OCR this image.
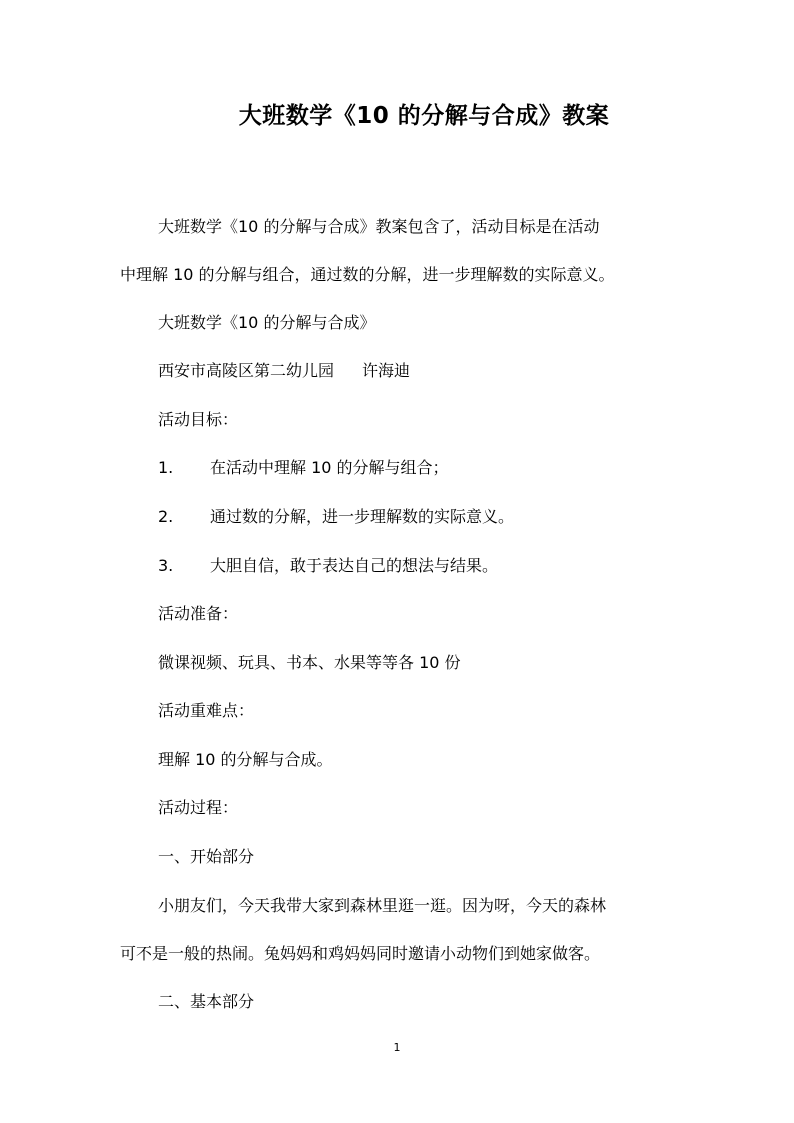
大班数学《10 的分解与合成》教案
大班数学《10 的分解与合成》教案包含了，活动目标是在活动
中理解 10 的分解与组合，通过数的分解，进一步理解数的实际意义。
大班数学《10 的分解与合成》
西安市高陵区第二幼儿园 许海迪
活动目标：
1. 在活动中理解 10 的分解与组合；
2. 通过数的分解，进一步理解数的实际意义。
3. 大胆自信，敢于表达自己的想法与结果。
活动准备：
微课视频、玩具、书本、水果等等各 10 份
活动重难点：
理解 10 的分解与合成。
活动过程：
一、开始部分
小朋友们，今天我带大家到森林里逛一逛。因为呀，今天的森林
可不是一般的热闹。兔妈妈和鸡妈妈同时邀请小动物们到她家做客。
二、基本部分
1
